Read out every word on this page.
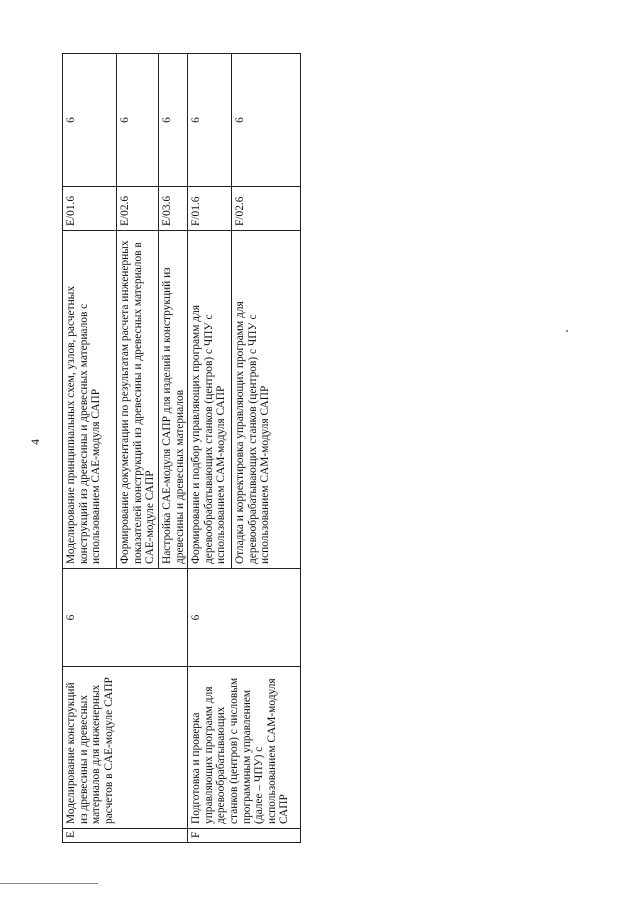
4
E	Моделирование конструкций из древесины и древесных материалов для инженерных расчетов в CAE-модуле САПР	6	Моделирование принципиальных схем, узлов, расчетных конструкций из древесины и древесных материалов с использованием CAE-модуля САПР	E/01.6	6
			Формирование документации по результатам расчета инженерных показателей конструкций из древесины и древесных материалов в CAE-модуле САПР	E/02.6	6
			Настройка CAE-модуля САПР для изделий и конструкций из древесины и древесных материалов	E/03.6	6
F	Подготовка и проверка управляющих программ для деревообрабатывающих станков (центров) с числовым программным управлением (далее – ЧПУ) с использованием CAM-модуля САПР	6	Формирование и подбор управляющих программ для деревообрабатывающих станков (центров) с ЧПУ с использованием CAM-модуля САПР	F/01.6	6
			Отладка и корректировка управляющих программ для деревообрабатывающих станков (центров) с ЧПУ с использованием CAM-модуля САПР	F/02.6	6
